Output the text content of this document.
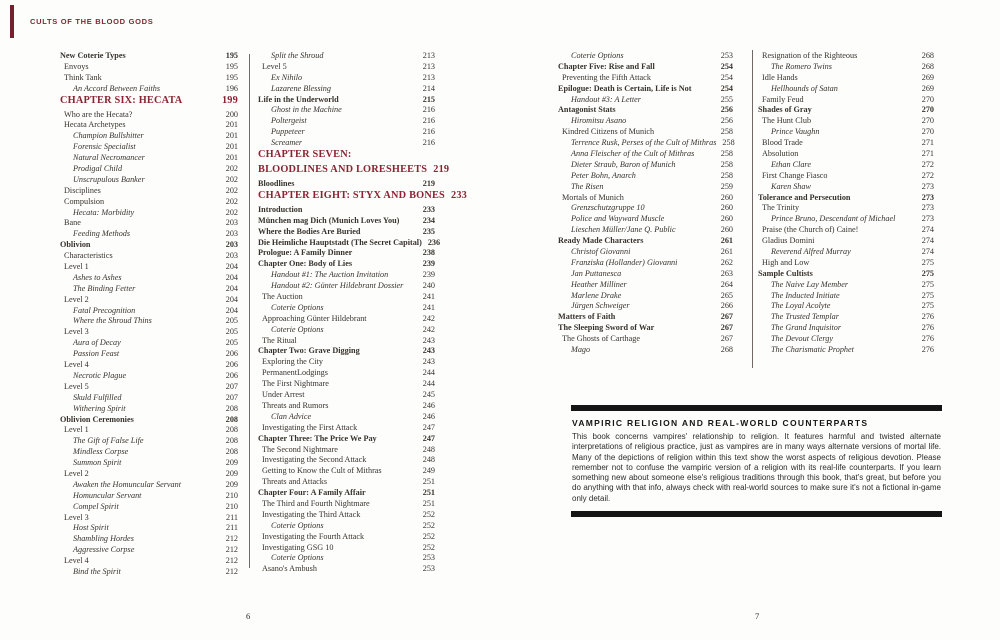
CULTS OF THE BLOOD GODS
New Coterie Types	195
Envoys	195
Think Tank	195
An Accord Between Faiths	196
CHAPTER SIX: HECATA	199
Who are the Hecata?	200
Hecata Archetypes	201
Champion Bullshitter	201
Forensic Specialist	201
Natural Necromancer	201
Prodigal Child	202
Unscrupulous Banker	202
Disciplines	202
Compulsion	202
Hecata: Morbidity	202
Bane	203
Feeding Methods	203
Oblivion	203
Characteristics	203
Level 1	204
Ashes to Ashes	204
The Binding Fetter	204
Level 2	204
Fatal Precognition	204
Where the Shroud Thins	205
Level 3	205
Aura of Decay	205
Passion Feast	206
Level 4	206
Necrotic Plague	206
Level 5	207
Skuld Fulfilled	207
Withering Spirit	208
Oblivion Ceremonies	208
Level 1	208
The Gift of False Life	208
Mindless Corpse	208
Summon Spirit	209
Level 2	209
Awaken the Homuncular Servant	209
Homuncular Servant	210
Compel Spirit	210
Level 3	211
Host Spirit	211
Shambling Hordes	212
Aggressive Corpse	212
Level 4	212
Bind the Spirit	212
Split the Shroud	213
Level 5	213
Ex Nihilo	213
Lazarene Blessing	214
Life in the Underworld	215
Ghost in the Machine	216
Poltergeist	216
Puppeteer	216
Screamer	216
CHAPTER SEVEN:
BLOODLINES AND LORESHEETS 219
Bloodlines	219
CHAPTER EIGHT: STYX AND BONES 233
Introduction	233
München mag Dich (Munich Loves You)	234
Where the Bodies Are Buried	235
Die Heimliche Hauptstadt (The Secret Capital) 236
Prologue: A Family Dinner	238
Chapter One: Body of Lies	239
Handout #1: The Auction Invitation	239
Handout #2: Günter Hildebrant Dossier 240
The Auction	241
Coterie Options	241
Approaching Günter Hildebrant	242
Coterie Options	242
The Ritual	243
Chapter Two: Grave Digging	243
Exploring the City	243
PermanentLodgings	244
The First Nightmare	244
Under Arrest	245
Threats and Rumors	246
Clan Advice	246
Investigating the First Attack	247
Chapter Three: The Price We Pay	247
The Second Nightmare	248
Investigating the Second Attack	248
Getting to Know the Cult of Mithras	249
Threats and Attacks	251
Chapter Four: A Family Affair	251
The Third and Fourth Nightmare	251
Investigating the Third Attack	252
Coterie Options	252
Investigating the Fourth Attack	252
Investigating GSG 10	252
Coterie Options	253
Asano's Ambush	253
Coterie Options	253
Chapter Five: Rise and Fall	254
Preventing the Fifth Attack	254
Epilogue: Death is Certain, Life is Not	254
Handout #3: A Letter	255
Antagonist Stats	256
Hiromitsu Asano	256
Kindred Citizens of Munich	258
Terrence Rusk, Perses of the Cult of Mithras 258
Anna Fleischer of the Cult of Mithras	258
Dieter Straub, Baron of Munich	258
Peter Bohn, Anarch	258
The Risen	259
Mortals of Munich	260
Grenzschutzgruppe 10	260
Police and Wayward Muscle	260
Lieschen Müller/Jane Q. Public	260
Ready Made Characters	261
Christof Giovanni	261
Franziska (Hollander) Giovanni	262
Jan Puttanesca	263
Heather Milliner	264
Marlene Drake	265
Jürgen Schweiger	266
Matters of Faith	267
The Sleeping Sword of War	267
The Ghosts of Carthage	267
Mago	268
Resignation of the Righteous	268
The Romero Twins	268
Idle Hands	269
Hellhounds of Satan	269
Family Feud	270
Shades of Gray	270
The Hunt Club	270
Prince Vaughn	270
Blood Trade	271
Absolution	271
Ethan Clare	272
First Change Fiasco	272
Karen Shaw	273
Tolerance and Persecution	273
The Trinity	273
Prince Bruno, Descendant of Michael	273
Praise (the Church of) Caine!	274
Gladius Domini	274
Reverend Alfred Murray	274
High and Low	275
Sample Cultists	275
The Naive Lay Member	275
The Inducted Initiate	275
The Loyal Acolyte	275
The Trusted Templar	276
The Grand Inquisitor	276
The Devout Clergy	276
The Charismatic Prophet	276
VAMPIRIC RELIGION AND REAL-WORLD COUNTERPARTS

This book concerns vampires' relationship to religion. It features harmful and twisted alternate interpretations of religious practice, just as vampires are in many ways alternate versions of mortal life. Many of the depictions of religion within this text show the worst aspects of religious devotion. Please remember not to confuse the vampiric version of a religion with its real-life counterparts. If you learn something new about someone else's religious traditions through this book, that's great, but before you do anything with that info, always check with real-world sources to make sure it's not a fictional in-game only detail.

6	7
